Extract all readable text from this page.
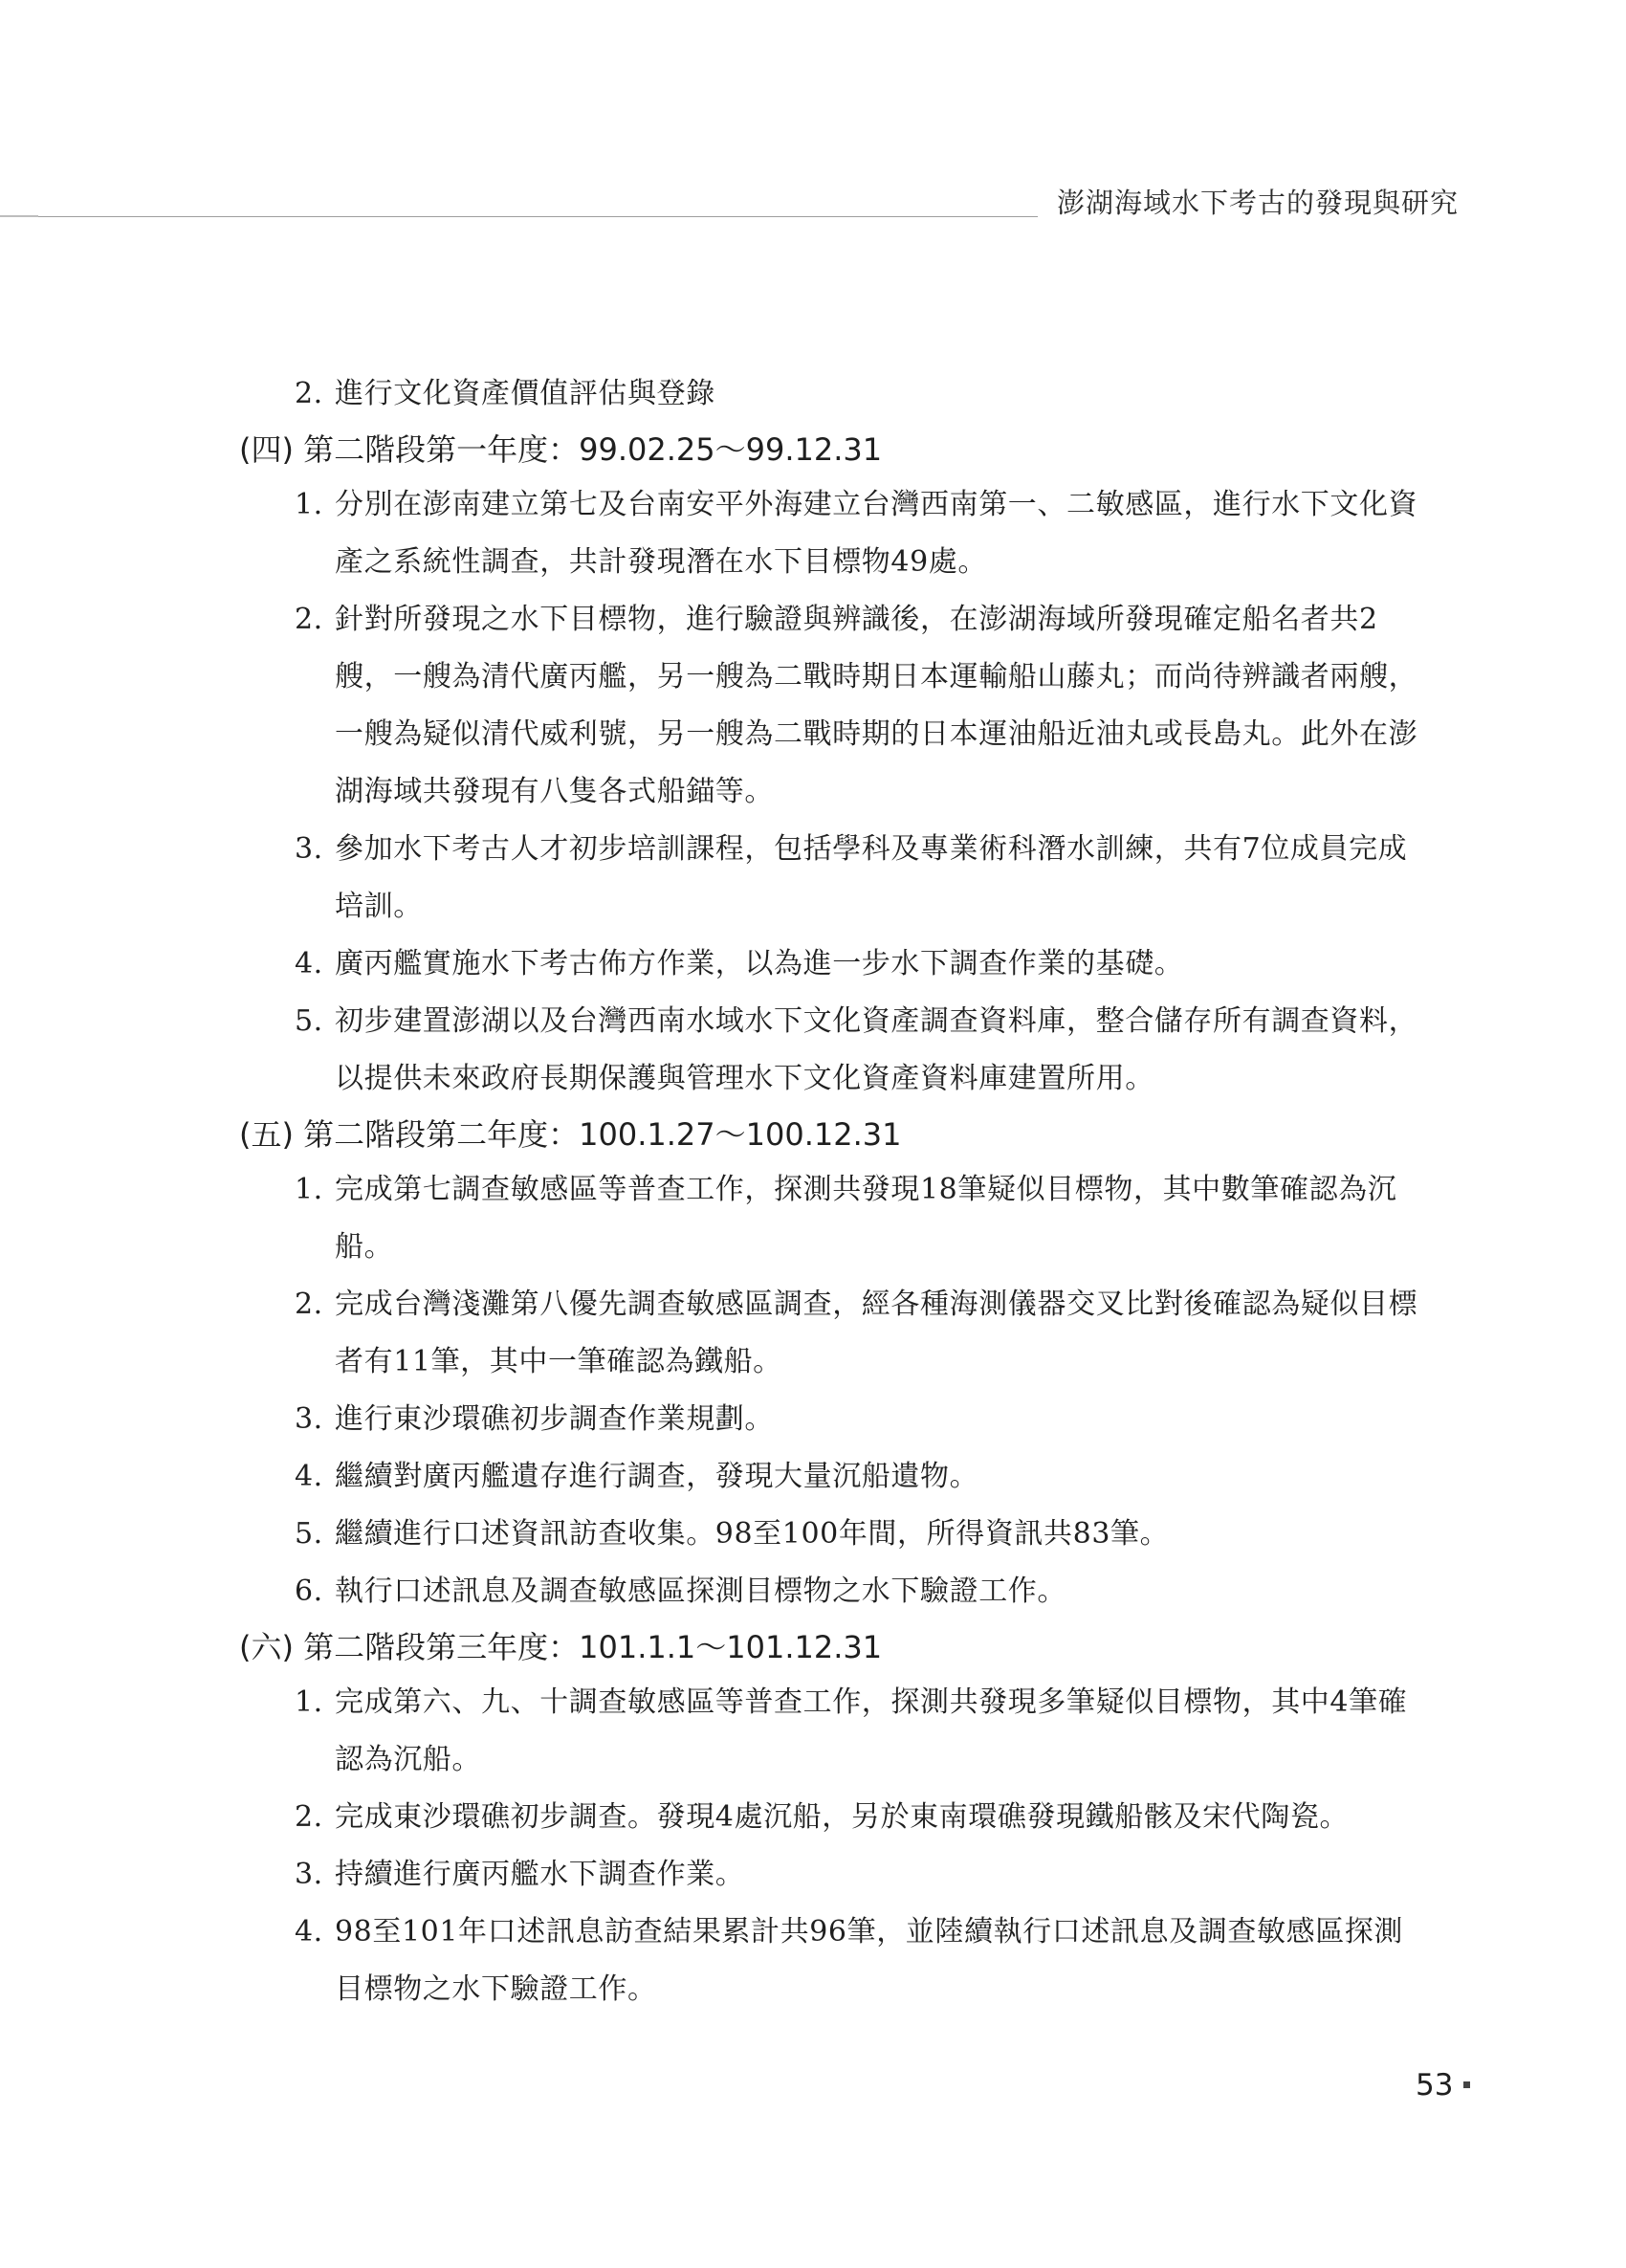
澎湖海域水下考古的發現與研究
2. 進行文化資產價值評估與登錄
(四) 第二階段第一年度：99.02.25～99.12.31
1. 分別在澎南建立第七及台南安平外海建立台灣西南第一、二敏感區，進行水下文化資產之系統性調查，共計發現潛在水下目標物49處。
2. 針對所發現之水下目標物，進行驗證與辨識後，在澎湖海域所發現確定船名者共2艘，一艘為清代廣丙艦，另一艘為二戰時期日本運輸船山藤丸；而尚待辨識者兩艘，一艘為疑似清代威利號，另一艘為二戰時期的日本運油船近油丸或長島丸。此外在澎湖海域共發現有八隻各式船錨等。
3. 參加水下考古人才初步培訓課程，包括學科及專業術科潛水訓練，共有7位成員完成培訓。
4. 廣丙艦實施水下考古佈方作業，以為進一步水下調查作業的基礎。
5. 初步建置澎湖以及台灣西南水域水下文化資產調查資料庫，整合儲存所有調查資料，以提供未來政府長期保護與管理水下文化資產資料庫建置所用。
(五) 第二階段第二年度：100.1.27～100.12.31
1. 完成第七調查敏感區等普查工作，探測共發現18筆疑似目標物，其中數筆確認為沉船。
2. 完成台灣淺灘第八優先調查敏感區調查，經各種海測儀器交叉比對後確認為疑似目標者有11筆，其中一筆確認為鐵船。
3. 進行東沙環礁初步調查作業規劃。
4. 繼續對廣丙艦遺存進行調查，發現大量沉船遺物。
5. 繼續進行口述資訊訪查收集。98至100年間，所得資訊共83筆。
6. 執行口述訊息及調查敏感區探測目標物之水下驗證工作。
(六) 第二階段第三年度：101.1.1～101.12.31
1. 完成第六、九、十調查敏感區等普查工作，探測共發現多筆疑似目標物，其中4筆確認為沉船。
2. 完成東沙環礁初步調查。發現4處沉船，另於東南環礁發現鐵船骸及宋代陶瓷。
3. 持續進行廣丙艦水下調查作業。
4. 98至101年口述訊息訪查結果累計共96筆，並陸續執行口述訊息及調查敏感區探測目標物之水下驗證工作。
53
